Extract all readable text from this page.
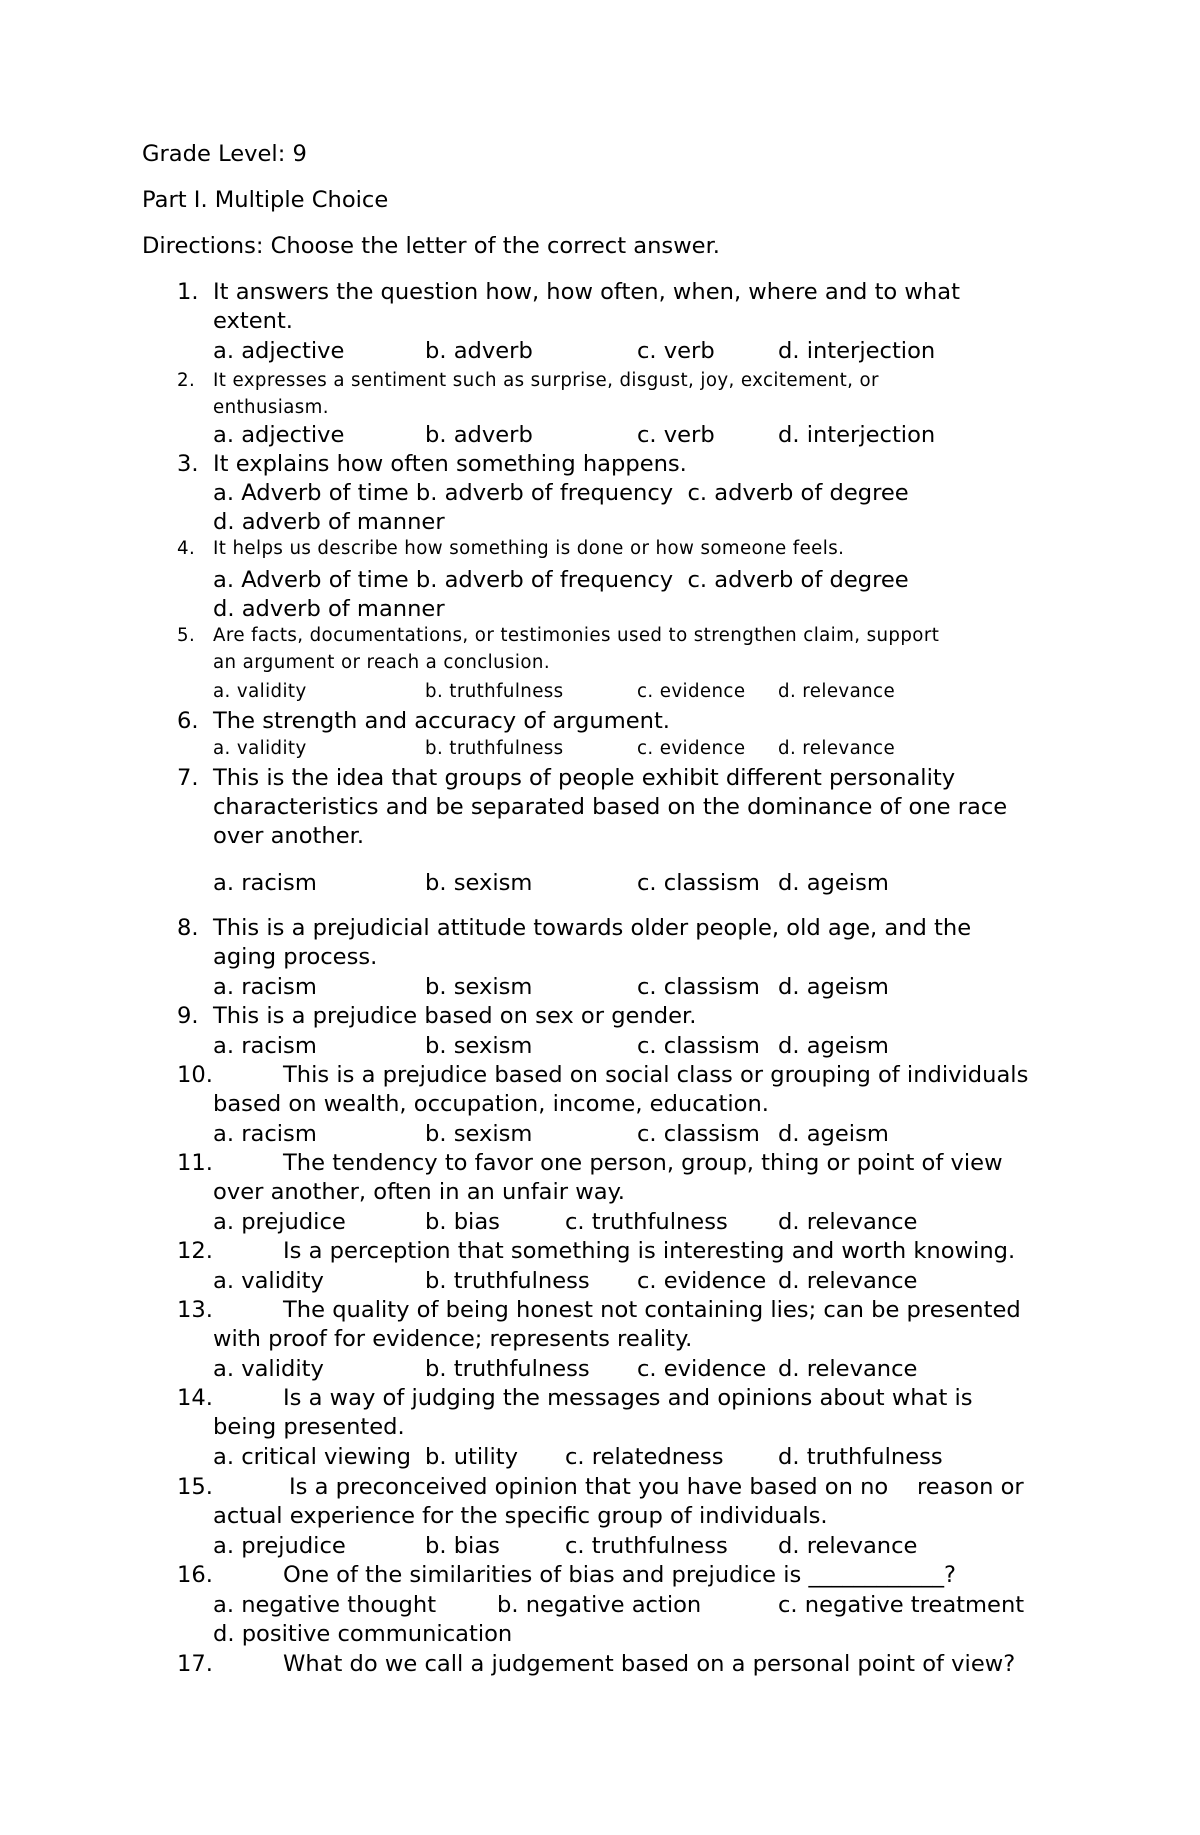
Grade Level: 9
Part I. Multiple Choice
Directions: Choose the letter of the correct answer.
1. It answers the question how, how often, when, where and to what
extent.
a. adjective	b. adverb	c. verb	d. interjection
2. It expresses a sentiment such as surprise, disgust, joy, excitement, or
enthusiasm.
a. adjective	b. adverb	c. verb	d. interjection
3. It explains how often something happens.
a. Adverb of time b. adverb of frequency  c. adverb of degree
d. adverb of manner
4. It helps us describe how something is done or how someone feels.
a. Adverb of time b. adverb of frequency  c. adverb of degree
d. adverb of manner
5. Are facts, documentations, or testimonies used to strengthen claim, support
an argument or reach a conclusion.
a. validity	b. truthfulness	c. evidence d. relevance
6. The strength and accuracy of argument.
a. validity	b. truthfulness	c. evidence d. relevance
7. This is the idea that groups of people exhibit different personality
characteristics and be separated based on the dominance of one race
over another.
a. racism	b. sexism	c. classism d. ageism
8. This is a prejudicial attitude towards older people, old age, and the
aging process.
a. racism	b. sexism	c. classism d. ageism
9. This is a prejudice based on sex or gender.
a. racism	b. sexism	c. classism d. ageism
10.	This is a prejudice based on social class or grouping of individuals
based on wealth, occupation, income, education.
a. racism	b. sexism	c. classism d. ageism
11.	The tendency to favor one person, group, thing or point of view
over another, often in an unfair way.
a. prejudice	b. bias	c. truthfulness d. relevance
12.	Is a perception that something is interesting and worth knowing.
a. validity	b. truthfulness c. evidence d. relevance
13.	The quality of being honest not containing lies; can be presented
with proof for evidence; represents reality.
a. validity	b. truthfulness c. evidence d. relevance
14.	Is a way of judging the messages and opinions about what is
being presented.
a. critical viewing b. utility c. relatedness d. truthfulness
15.	Is a preconceived opinion that you have based on no    reason or
actual experience for the specific group of individuals.
a. prejudice	b. bias	c. truthfulness d. relevance
16.	One of the similarities of bias and prejudice is ____________?
a. negative thought	b. negative action	c. negative treatment
d. positive communication
17.	What do we call a judgement based on a personal point of view?
